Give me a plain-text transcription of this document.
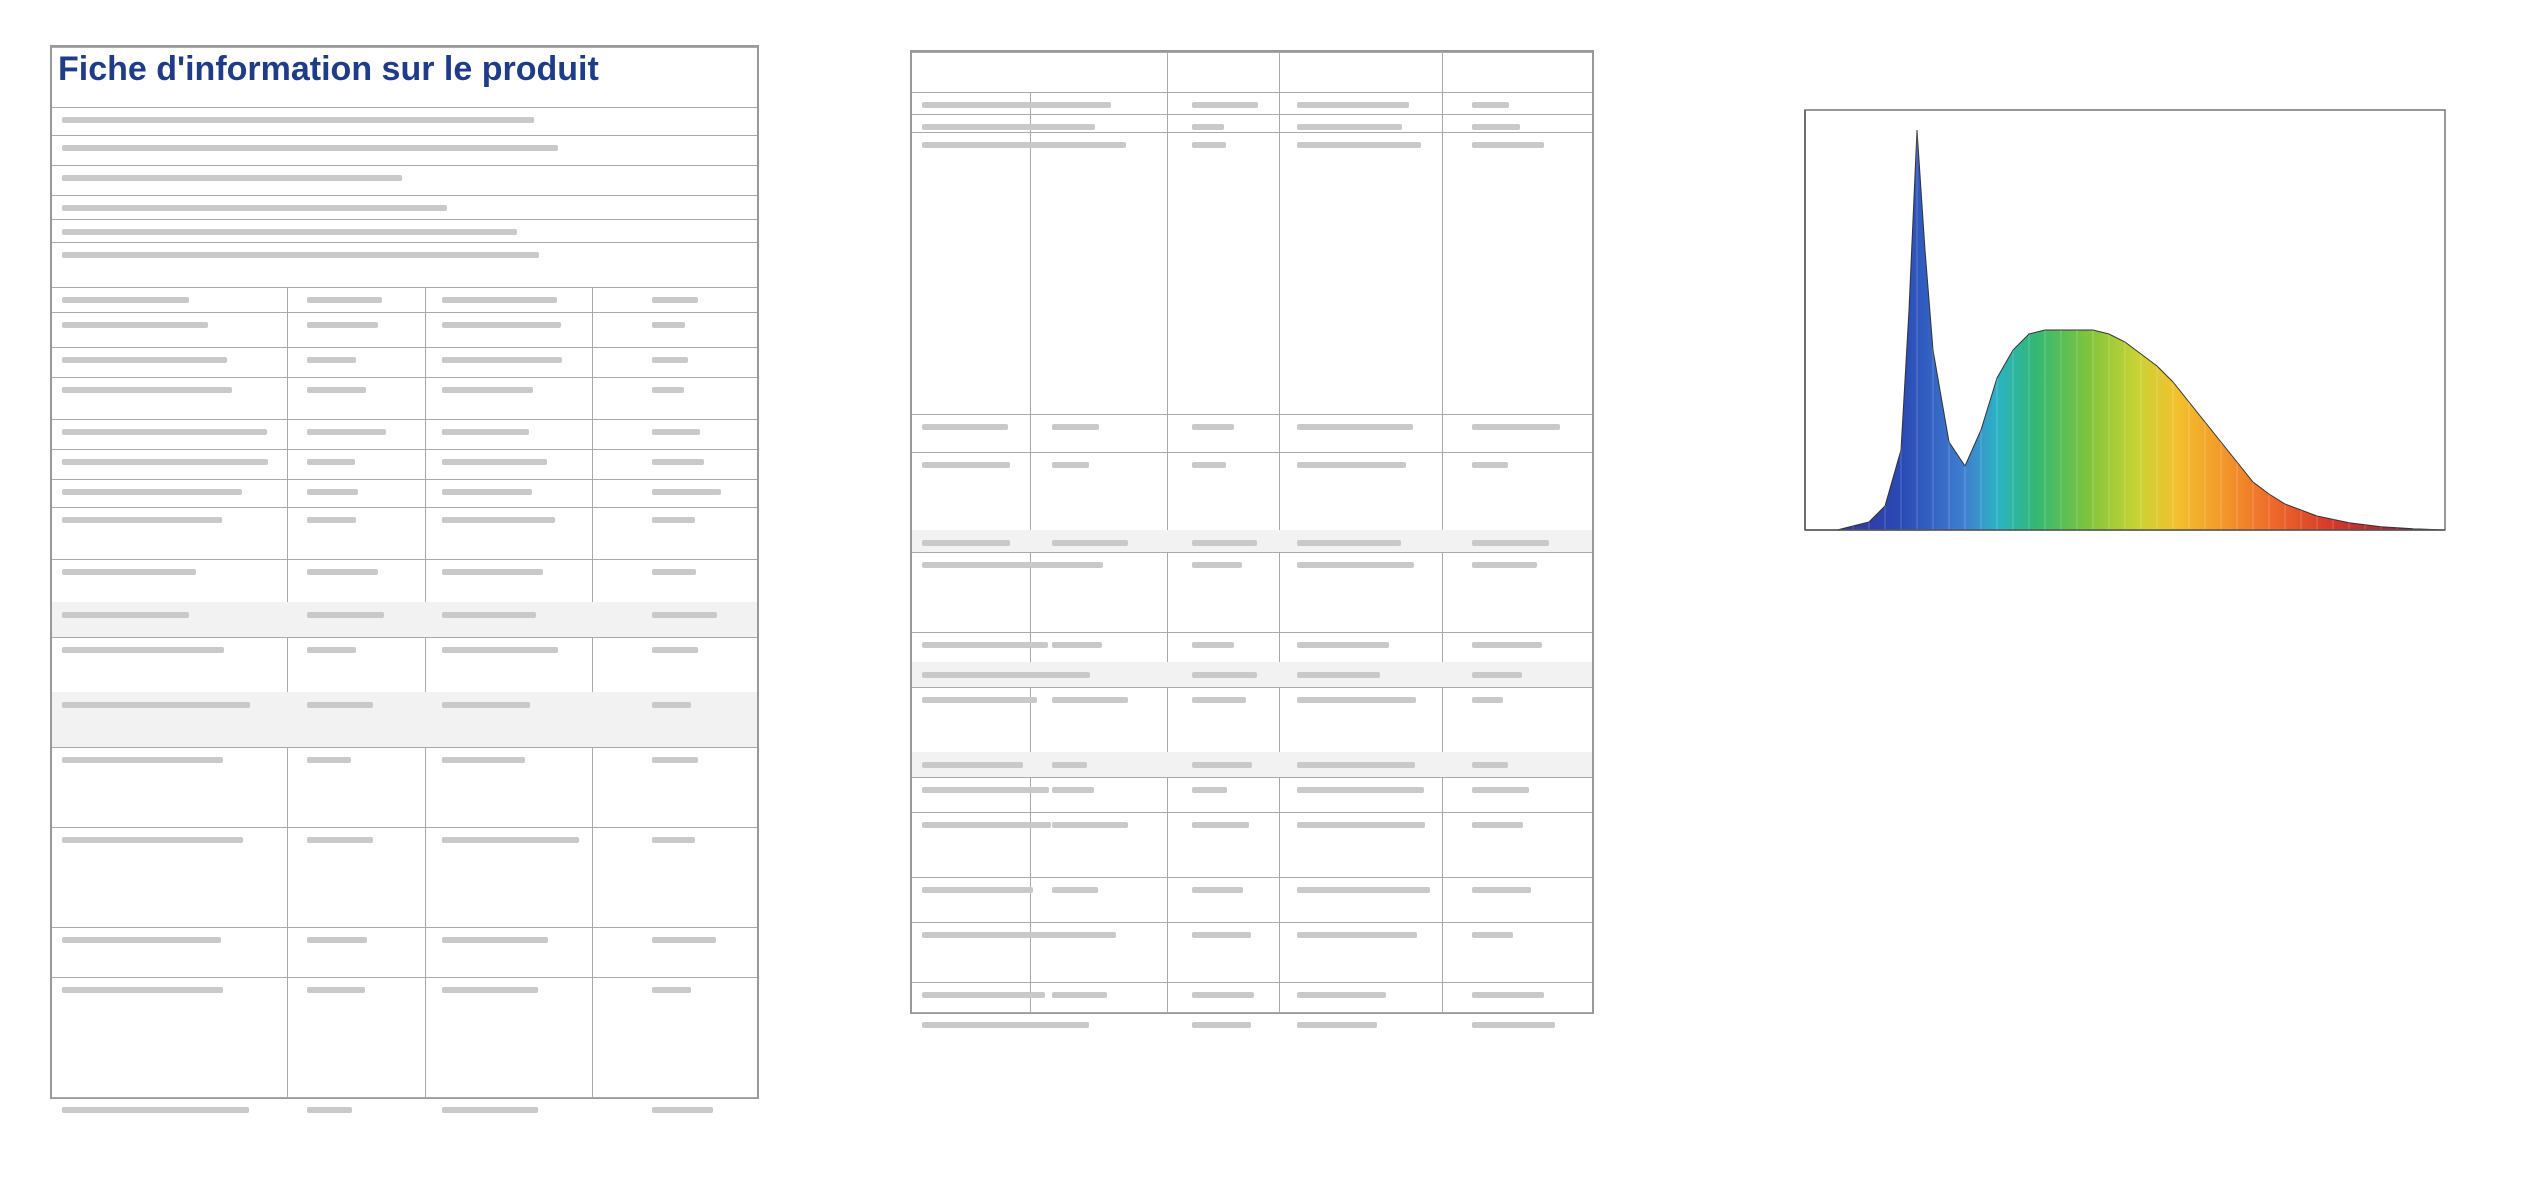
Fiche d'information sur le produit
